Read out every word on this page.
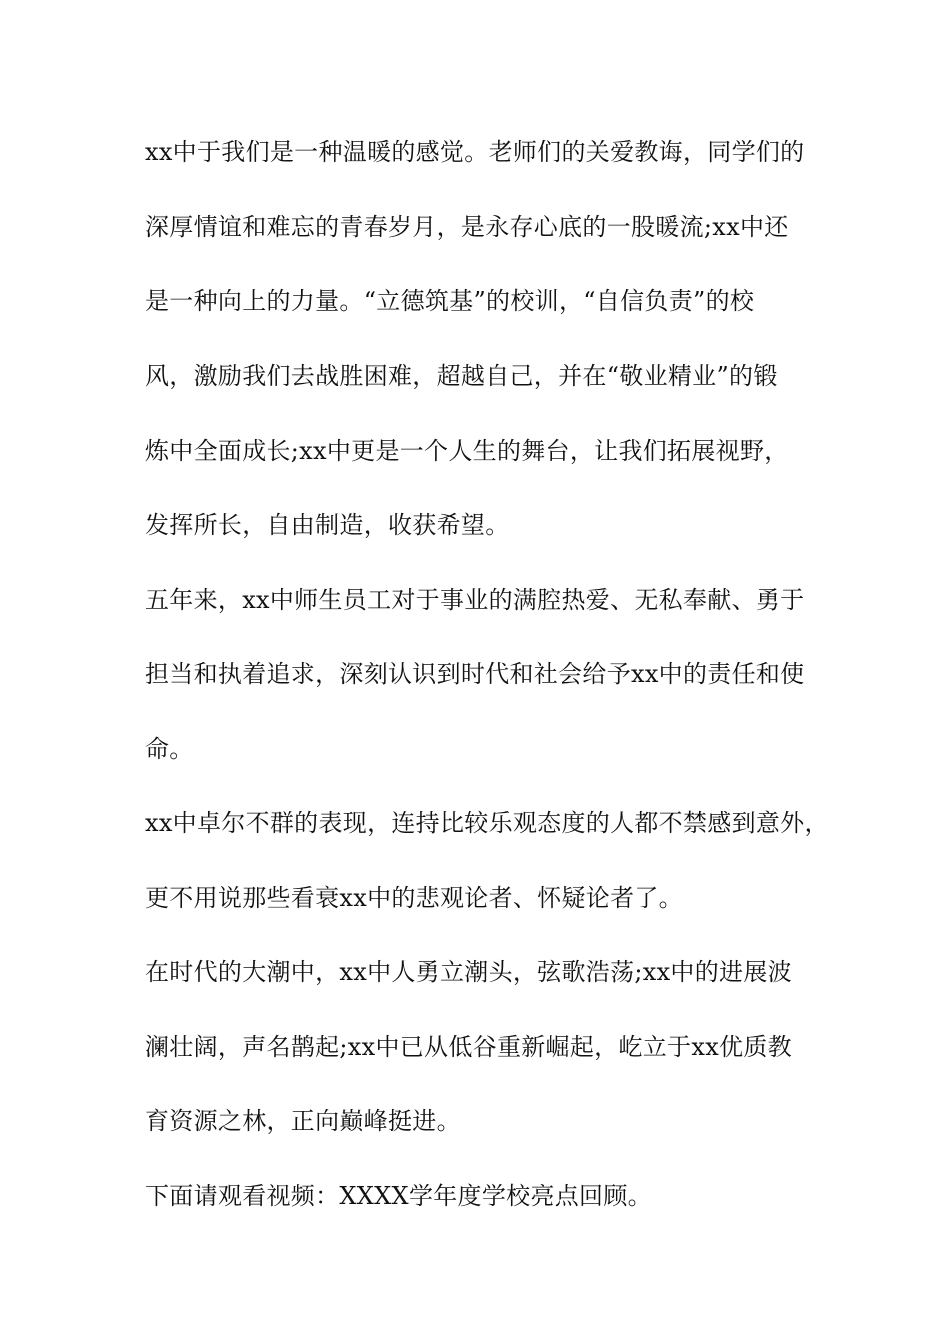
xx中于我们是一种温暖的感觉。老师们的关爱教诲，同学们的
深厚情谊和难忘的青春岁月，是永存心底的一股暖流;xx中还
是一种向上的力量。“立德筑基”的校训，“自信负责”的校
风，激励我们去战胜困难，超越自己，并在“敬业精业”的锻
炼中全面成长;xx中更是一个人生的舞台，让我们拓展视野，
发挥所长，自由制造，收获希望。
五年来，xx中师生员工对于事业的满腔热爱、无私奉献、勇于
担当和执着追求，深刻认识到时代和社会给予xx中的责任和使
命。
xx中卓尔不群的表现，连持比较乐观态度的人都不禁感到意外，
更不用说那些看衰xx中的悲观论者、怀疑论者了。
在时代的大潮中，xx中人勇立潮头，弦歌浩荡;xx中的进展波
澜壮阔，声名鹊起;xx中已从低谷重新崛起，屹立于xx优质教
育资源之林，正向巅峰挺进。
下面请观看视频：XXXX学年度学校亮点回顾。
